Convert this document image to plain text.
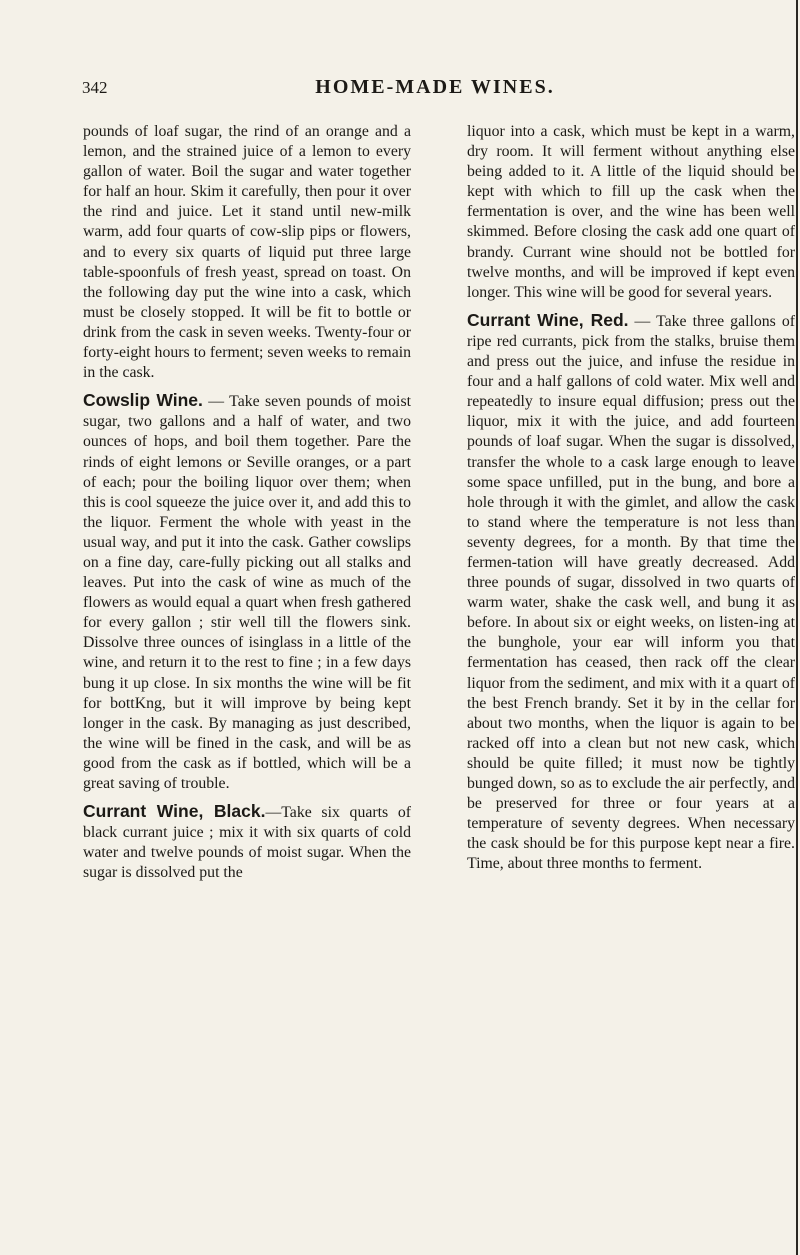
342	HOME-MADE WINES.

pounds of loaf sugar, the rind of an orange and a lemon, and the strained juice of a lemon to every gallon of water. Boil the sugar and water together for half an hour. Skim it carefully, then pour it over the rind and juice. Let it stand until new-milk warm, add four quarts of cow-slip pips or flowers, and to every six quarts of liquid put three large table-spoonfuls of fresh yeast, spread on toast. On the following day put the wine into a cask, which must be closely stopped. It will be fit to bottle or drink from the cask in seven weeks. Twenty-four or forty-eight hours to ferment; seven weeks to remain in the cask.

Cowslip Wine. — Take seven pounds of moist sugar, two gallons and a half of water, and two ounces of hops, and boil them together. Pare the rinds of eight lemons or Seville oranges, or a part of each; pour the boiling liquor over them; when this is cool squeeze the juice over it, and add this to the liquor. Ferment the whole with yeast in the usual way, and put it into the cask. Gather cowslips on a fine day, care-fully picking out all stalks and leaves. Put into the cask of wine as much of the flowers as would equal a quart when fresh gathered for every gallon ; stir well till the flowers sink. Dissolve three ounces of isinglass in a little of the wine, and return it to the rest to fine ; in a few days bung it up close. In six months the wine will be fit for bottKng, but it will improve by being kept longer in the cask. By managing as just described, the wine will be fined in the cask, and will be as good from the cask as if bottled, which will be a great saving of trouble.

Currant Wine, Black.—Take six quarts of black currant juice ; mix it with six quarts of cold water and twelve pounds of moist sugar. When the sugar is dissolved put the

liquor into a cask, which must be kept in a warm, dry room. It will ferment without anything else being added to it. A little of the liquid should be kept with which to fill up the cask when the fermentation is over, and the wine has been well skimmed. Before closing the cask add one quart of brandy. Currant wine should not be bottled for twelve months, and will be improved if kept even longer. This wine will be good for several years.

Currant Wine, Red. — Take three gallons of ripe red currants, pick from the stalks, bruise them and press out the juice, and infuse the residue in four and a half gallons of cold water. Mix well and repeatedly to insure equal diffusion; press out the liquor, mix it with the juice, and add fourteen pounds of loaf sugar. When the sugar is dissolved, transfer the whole to a cask large enough to leave some space unfilled, put in the bung, and bore a hole through it with the gimlet, and allow the cask to stand where the temperature is not less than seventy degrees, for a month. By that time the fermen-tation will have greatly decreased. Add three pounds of sugar, dissolved in two quarts of warm water, shake the cask well, and bung it as before. In about six or eight weeks, on listen-ing at the bunghole, your ear will inform you that fermentation has ceased, then rack off the clear liquor from the sediment, and mix with it a quart of the best French brandy. Set it by in the cellar for about two months, when the liquor is again to be racked off into a clean but not new cask, which should be quite filled; it must now be tightly bunged down, so as to exclude the air perfectly, and be preserved for three or four years at a temperature of seventy degrees. When necessary the cask should be for this purpose kept near a fire. Time, about three months to ferment.
